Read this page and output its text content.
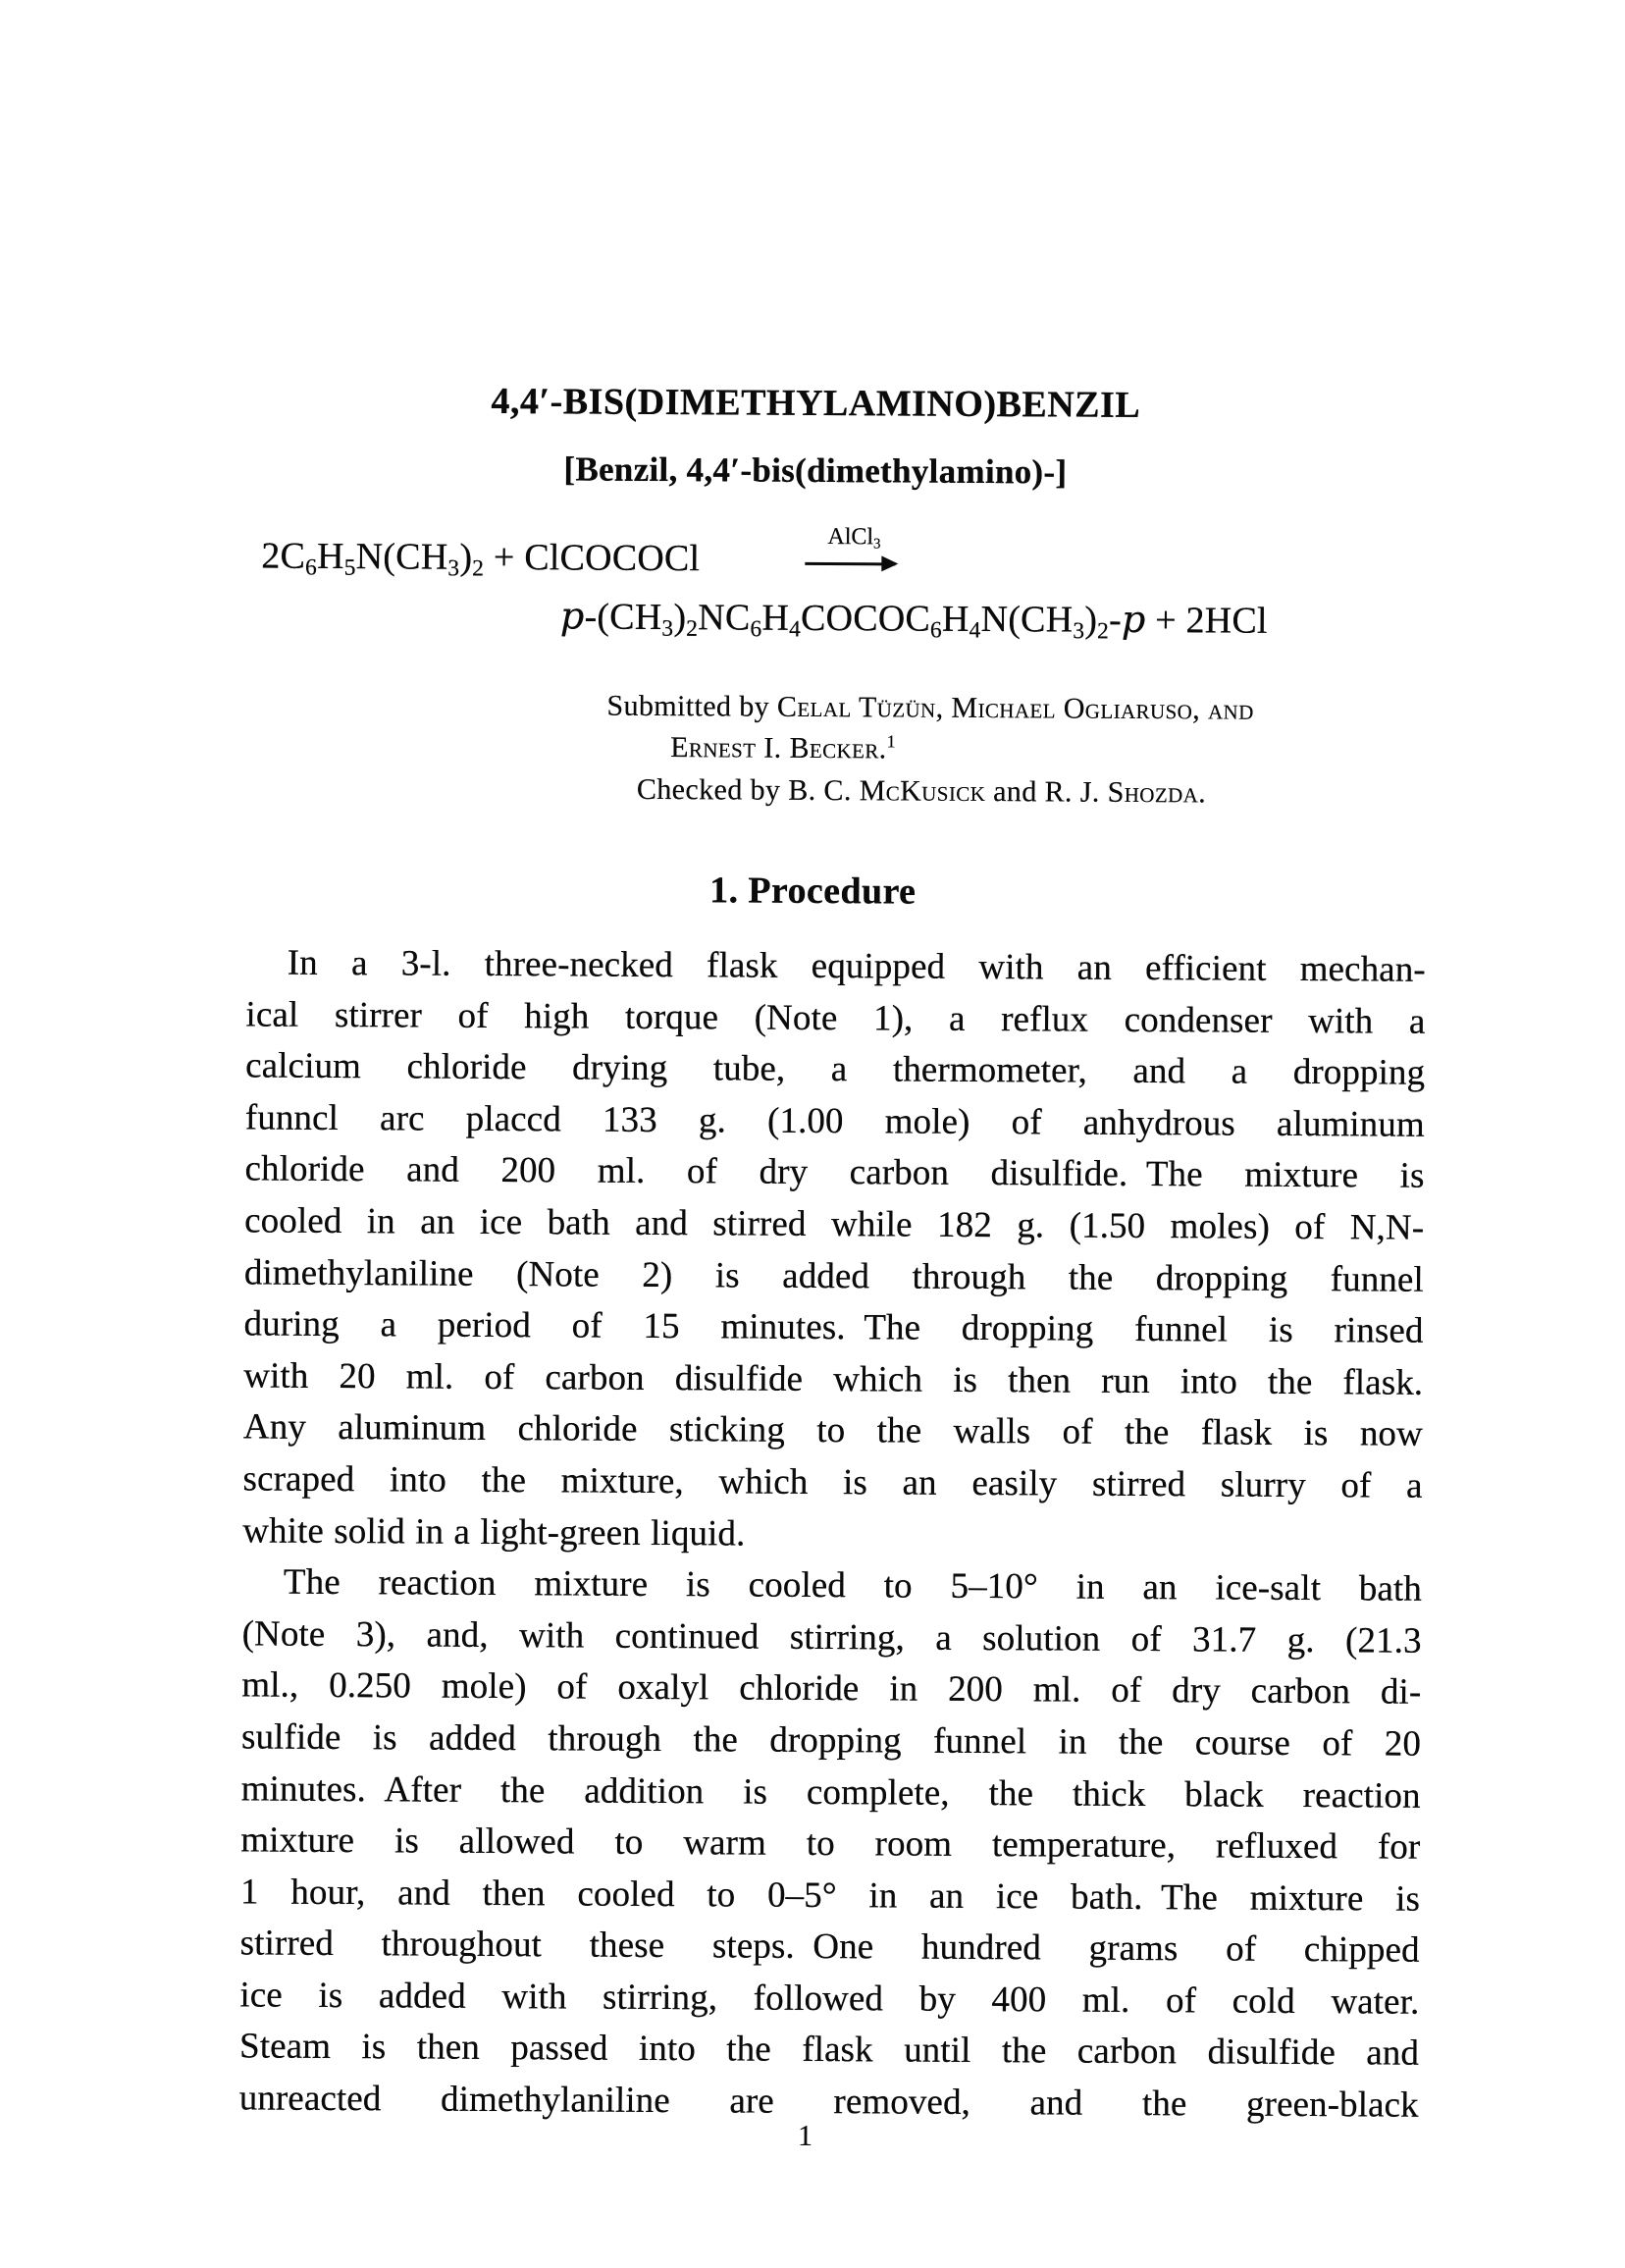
4,4′-BIS(DIMETHYLAMINO)BENZIL
[Benzil, 4,4′-bis(dimethylamino)-]
$2C_6H_5N(CH_3)_2$ + ClCOCOCl	AlCl$_3$
$p-(CH_3)_2NC_6H_4COCOC_6H_4N(CH_3)_2-p + 2HCl$
Submitted by Celal Tüzün, Michael Ogliaruso, and
Ernest I. Becker.$^1$
Checked by B. C. McKusick and R. J. Shozda.
1. Procedure
In a 3-l. three-necked flask equipped with an efficient mechan-
ical stirrer of high torque (Note 1), a reflux condenser with a
calcium chloride drying tube, a thermometer, and a dropping
funncl arc placcd 133 g. (1.00 mole) of anhydrous aluminum
chloride and 200 ml. of dry carbon disulfide. The mixture is
cooled in an ice bath and stirred while 182 g. (1.50 moles) of N,N-
dimethylaniline (Note 2) is added through the dropping funnel
during a period of 15 minutes. The dropping funnel is rinsed
with 20 ml. of carbon disulfide which is then run into the flask.
Any aluminum chloride sticking to the walls of the flask is now
scraped into the mixture, which is an easily stirred slurry of a
white solid in a light-green liquid.
The reaction mixture is cooled to 5–10° in an ice-salt bath
(Note 3), and, with continued stirring, a solution of 31.7 g. (21.3
ml., 0.250 mole) of oxalyl chloride in 200 ml. of dry carbon di-
sulfide is added through the dropping funnel in the course of 20
minutes. After the addition is complete, the thick black reaction
mixture is allowed to warm to room temperature, refluxed for
1 hour, and then cooled to 0–5° in an ice bath. The mixture is
stirred throughout these steps. One hundred grams of chipped
ice is added with stirring, followed by 400 ml. of cold water.
Steam is then passed into the flask until the carbon disulfide and
unreacted dimethylaniline are removed, and the green-black
1
